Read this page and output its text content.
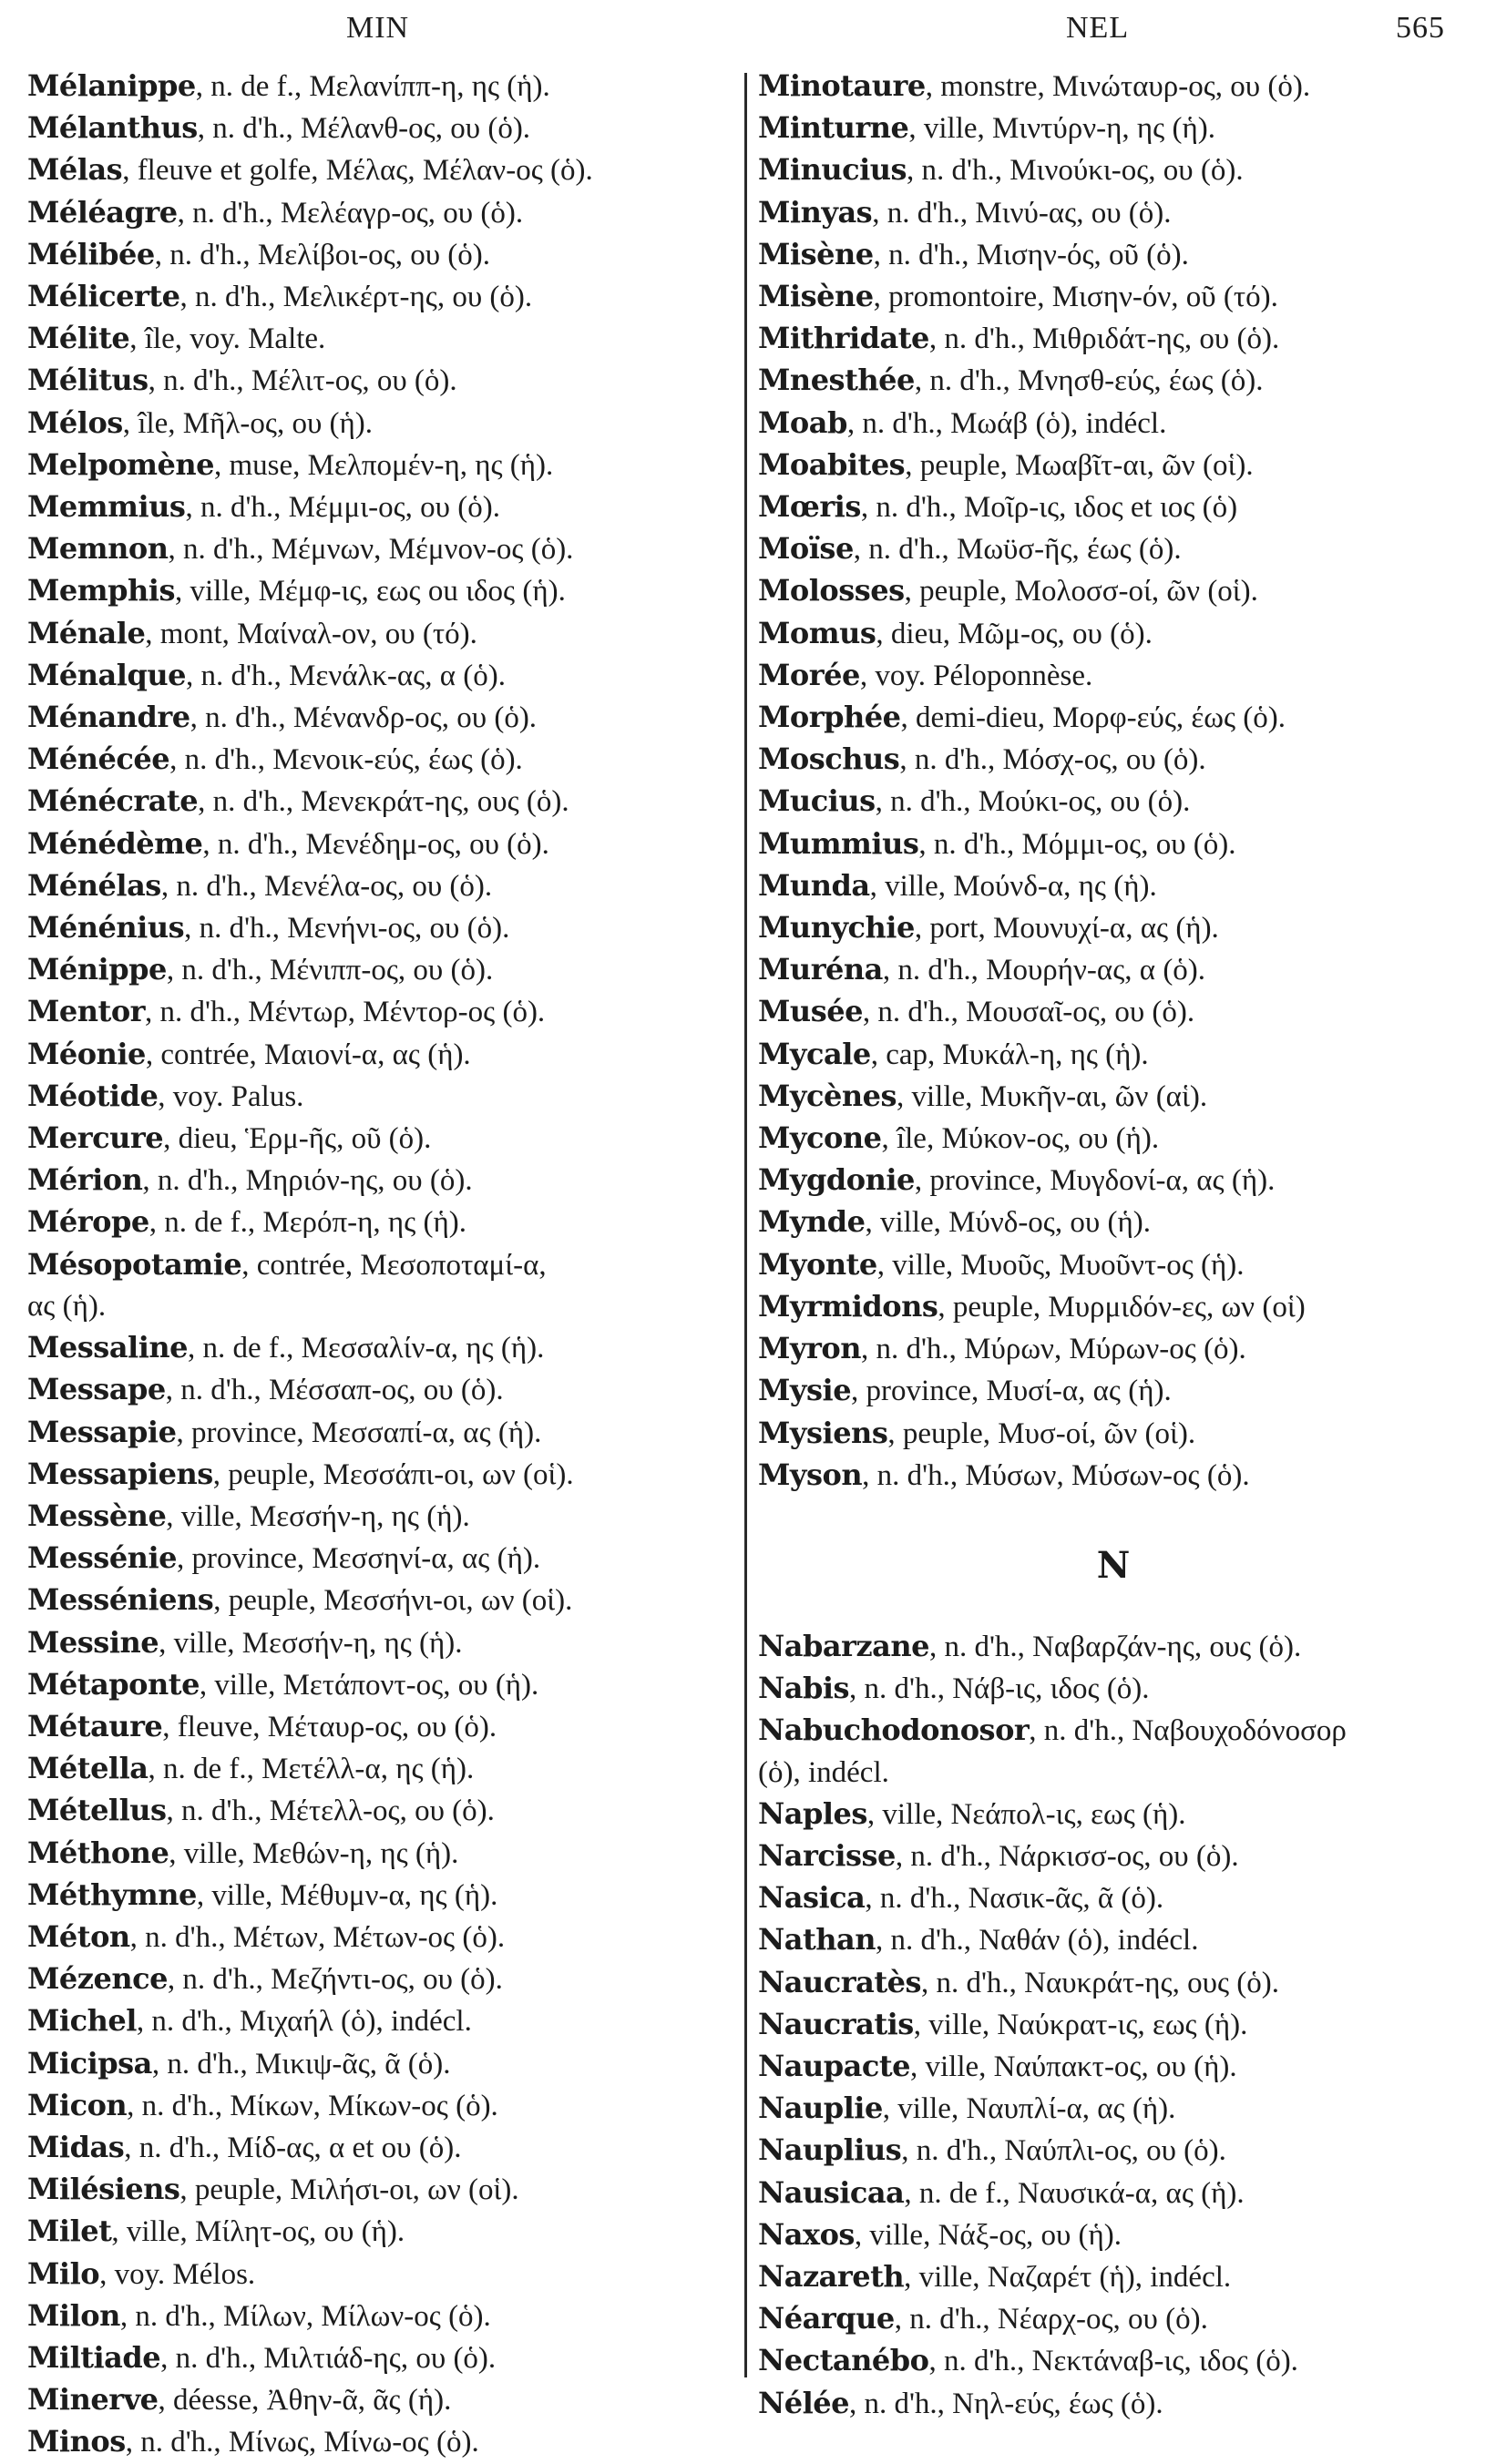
MIN	NEL	565
Mélanippe, n. de f., Μελανίππ-η, ης (ἡ).
Mélanthus, n. d'h., Μέλανθ-ος, ου (ὁ).
Mélas, fleuve et golfe, Μέλας, Μέλαν-ος (ὁ).
Méléagre, n. d'h., Μελέαγρ-ος, ου (ὁ).
Mélibée, n. d'h., Μελίβοι-ος, ου (ὁ).
Mélicerte, n. d'h., Μελικέρτ-ης, ου (ὁ).
Mélite, île, voy. Malte.
Mélitus, n. d'h., Μέλιτ-ος, ου (ὁ).
Mélos, île, Μῆλ-ος, ου (ἡ).
Melpomène, muse, Μελπομέν-η, ης (ἡ).
Memmius, n. d'h., Μέμμι-ος, ου (ὁ).
Memnon, n. d'h., Μέμνων, Μέμνον-ος (ὁ).
Memphis, ville, Μέμφ-ις, εως ou ιδος (ἡ).
Ménale, mont, Μαίναλ-ον, ου (τό).
Ménalque, n. d'h., Μενάλκ-ας, α (ὁ).
Ménandre, n. d'h., Μένανδρ-ος, ου (ὁ).
Ménécée, n. d'h., Μενοικ-εύς, έως (ὁ).
Ménécrate, n. d'h., Μενεκράτ-ης, ους (ὁ).
Ménédème, n. d'h., Μενέδημ-ος, ου (ὁ).
Ménélas, n. d'h., Μενέλα-ος, ου (ὁ).
Ménénius, n. d'h., Μενήνι-ος, ου (ὁ).
Ménippe, n. d'h., Μένιππ-ος, ου (ὁ).
Mentor, n. d'h., Μέντωρ, Μέντορ-ος (ὁ).
Méonie, contrée, Μαιονί-α, ας (ἡ).
Méotide, voy. Palus.
Mercure, dieu, Ἑρμ-ῆς, οῦ (ὁ).
Mérion, n. d'h., Μηριόν-ης, ου (ὁ).
Mérope, n. de f., Μερόπ-η, ης (ἡ).
Mésopotamie, contrée, Μεσοποταμί-α,
ας (ἡ).
Messaline, n. de f., Μεσσαλίν-α, ης (ἡ).
Messape, n. d'h., Μέσσαπ-ος, ου (ὁ).
Messapie, province, Μεσσαπί-α, ας (ἡ).
Messapiens, peuple, Μεσσάπι-οι, ων (οἱ).
Messène, ville, Μεσσήν-η, ης (ἡ).
Messénie, province, Μεσσηνί-α, ας (ἡ).
Messéniens, peuple, Μεσσήνι-οι, ων (οἱ).
Messine, ville, Μεσσήν-η, ης (ἡ).
Métaponte, ville, Μετάποντ-ος, ου (ἡ).
Métaure, fleuve, Μέταυρ-ος, ου (ὁ).
Métella, n. de f., Μετέλλ-α, ης (ἡ).
Métellus, n. d'h., Μέτελλ-ος, ου (ὁ).
Méthone, ville, Μεθών-η, ης (ἡ).
Méthymne, ville, Μέθυμν-α, ης (ἡ).
Méton, n. d'h., Μέτων, Μέτων-ος (ὁ).
Mézence, n. d'h., Μεζήντι-ος, ου (ὁ).
Michel, n. d'h., Μιχαήλ (ὁ), indécl.
Micipsa, n. d'h., Μικιψ-ᾶς, ᾶ (ὁ).
Micon, n. d'h., Μίκων, Μίκων-ος (ὁ).
Midas, n. d'h., Μίδ-ας, α et ου (ὁ).
Milésiens, peuple, Μιλήσι-οι, ων (οἱ).
Milet, ville, Μίλητ-ος, ου (ἡ).
Milo, voy. Mélos.
Milon, n. d'h., Μίλων, Μίλων-ος (ὁ).
Miltiade, n. d'h., Μιλτιάδ-ης, ου (ὁ).
Minerve, déesse, Ἀθην-ᾶ, ᾶς (ἡ).
Minos, n. d'h., Μίνως, Μίνω-ος (ὁ).
Minotaure, monstre, Μινώταυρ-ος, ου (ὁ).
Minturne, ville, Μιντύρν-η, ης (ἡ).
Minucius, n. d'h., Μινούκι-ος, ου (ὁ).
Minyas, n. d'h., Μινύ-ας, ου (ὁ).
Misène, n. d'h., Μισην-ός, οῦ (ὁ).
Misène, promontoire, Μισην-όν, οῦ (τό).
Mithridate, n. d'h., Μιθριδάτ-ης, ου (ὁ).
Mnesthée, n. d'h., Μνησθ-εύς, έως (ὁ).
Moab, n. d'h., Μωάβ (ὁ), indécl.
Moabites, peuple, Μωαβῖτ-αι, ῶν (οἱ).
Mœris, n. d'h., Μοῖρ-ις, ιδος et ιος (ὁ)
Moïse, n. d'h., Μωϋσ-ῆς, έως (ὁ).
Molosses, peuple, Μολοσσ-οί, ῶν (οἱ).
Momus, dieu, Μῶμ-ος, ου (ὁ).
Morée, voy. Péloponnèse.
Morphée, demi-dieu, Μορφ-εύς, έως (ὁ).
Moschus, n. d'h., Μόσχ-ος, ου (ὁ).
Mucius, n. d'h., Μούκι-ος, ου (ὁ).
Mummius, n. d'h., Μόμμι-ος, ου (ὁ).
Munda, ville, Μούνδ-α, ης (ἡ).
Munychie, port, Μουνυχί-α, ας (ἡ).
Muréna, n. d'h., Μουρήν-ας, α (ὁ).
Musée, n. d'h., Μουσαῖ-ος, ου (ὁ).
Mycale, cap, Μυκάλ-η, ης (ἡ).
Mycènes, ville, Μυκῆν-αι, ῶν (αἱ).
Mycone, île, Μύκον-ος, ου (ἡ).
Mygdonie, province, Μυγδονί-α, ας (ἡ).
Mynde, ville, Μύνδ-ος, ου (ἡ).
Myonte, ville, Μυοῦς, Μυοῦντ-ος (ἡ).
Myrmidons, peuple, Μυρμιδόν-ες, ων (οἱ)
Myron, n. d'h., Μύρων, Μύρων-ος (ὁ).
Mysie, province, Μυσί-α, ας (ἡ).
Mysiens, peuple, Μυσ-οί, ῶν (οἱ).
Myson, n. d'h., Μύσων, Μύσων-ος (ὁ).
N
Nabarzane, n. d'h., Ναβαρζάν-ης, ους (ὁ).
Nabis, n. d'h., Νάβ-ις, ιδος (ὁ).
Nabuchodonosor, n. d'h., Ναβουχοδόνοσορ
(ὁ), indécl.
Naples, ville, Νεάπολ-ις, εως (ἡ).
Narcisse, n. d'h., Νάρκισσ-ος, ου (ὁ).
Nasica, n. d'h., Νασικ-ᾶς, ᾶ (ὁ).
Nathan, n. d'h., Ναθάν (ὁ), indécl.
Naucratès, n. d'h., Ναυκράτ-ης, ους (ὁ).
Naucratis, ville, Ναύκρατ-ις, εως (ἡ).
Naupacte, ville, Ναύπακτ-ος, ου (ἡ).
Nauplie, ville, Ναυπλί-α, ας (ἡ).
Nauplius, n. d'h., Ναύπλι-ος, ου (ὁ).
Nausicaa, n. de f., Ναυσικά-α, ας (ἡ).
Naxos, ville, Νάξ-ος, ου (ἡ).
Nazareth, ville, Ναζαρέτ (ἡ), indécl.
Néarque, n. d'h., Νέαρχ-ος, ου (ὁ).
Nectanébo, n. d'h., Νεκτάναβ-ις, ιδος (ὁ).
Nélée, n. d'h., Νηλ-εύς, έως (ὁ).
